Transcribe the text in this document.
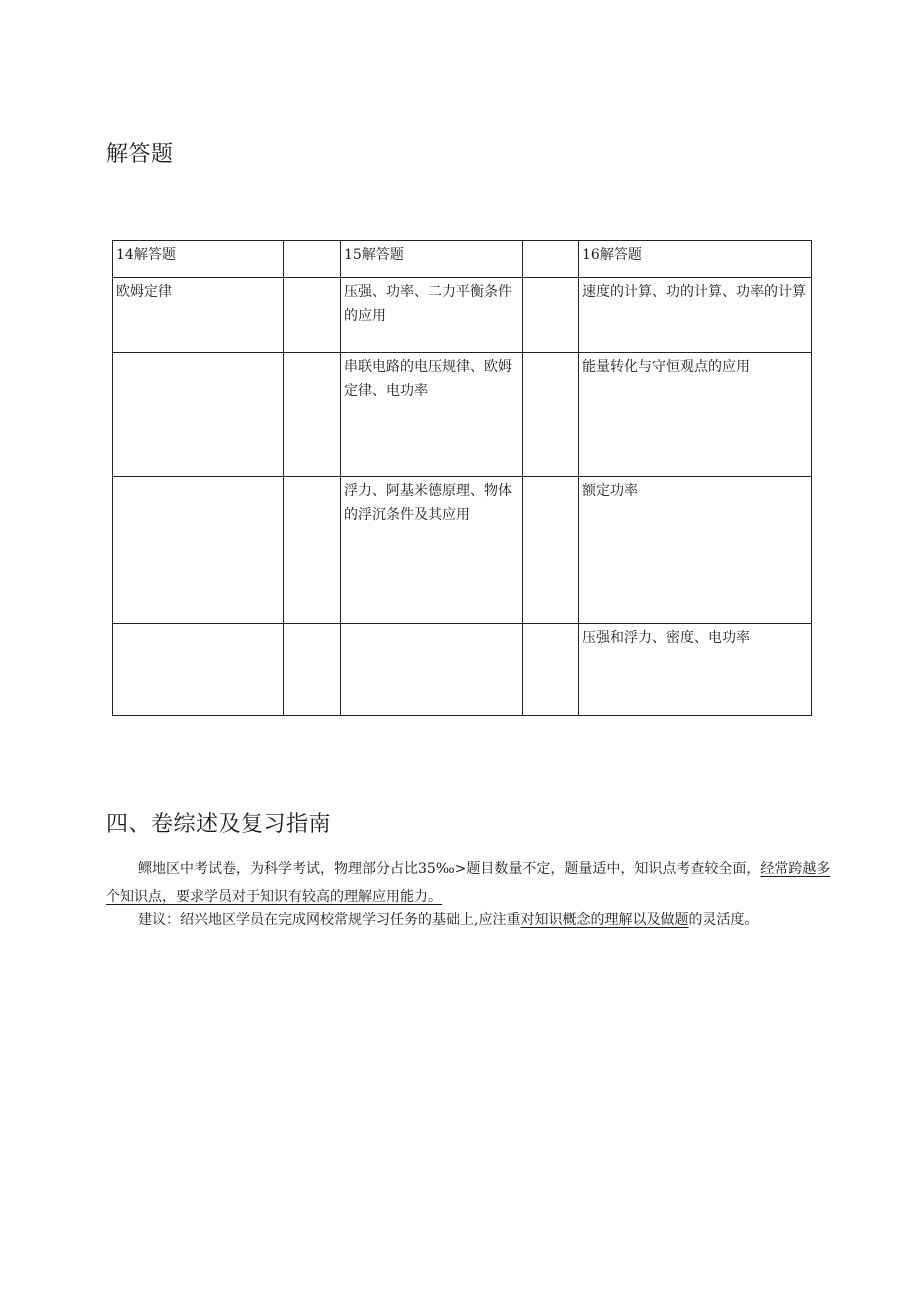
解答题
14解答题		15解答题		16解答题
欧姆定律		压强、功率、二力平衡条件的应用		速度的计算、功的计算、功率的计算
		串联电路的电压规律、欧姆定律、电功率		能量转化与守恒观点的应用
		浮力、阿基米德原理、物体的浮沉条件及其应用		额定功率
				压强和浮力、密度、电功率
四、卷综述及复习指南

鳏地区中考试卷，为科学考试，物理部分占比35‰>题目数量不定，题量适中，知识点考查较全面，经常跨越多个知识点，要求学员对于知识有较高的理解应用能力。

建议：绍兴地区学员在完成网校常规学习任务的基础上,应注重对知识概念的理解以及做题的灵活度。
